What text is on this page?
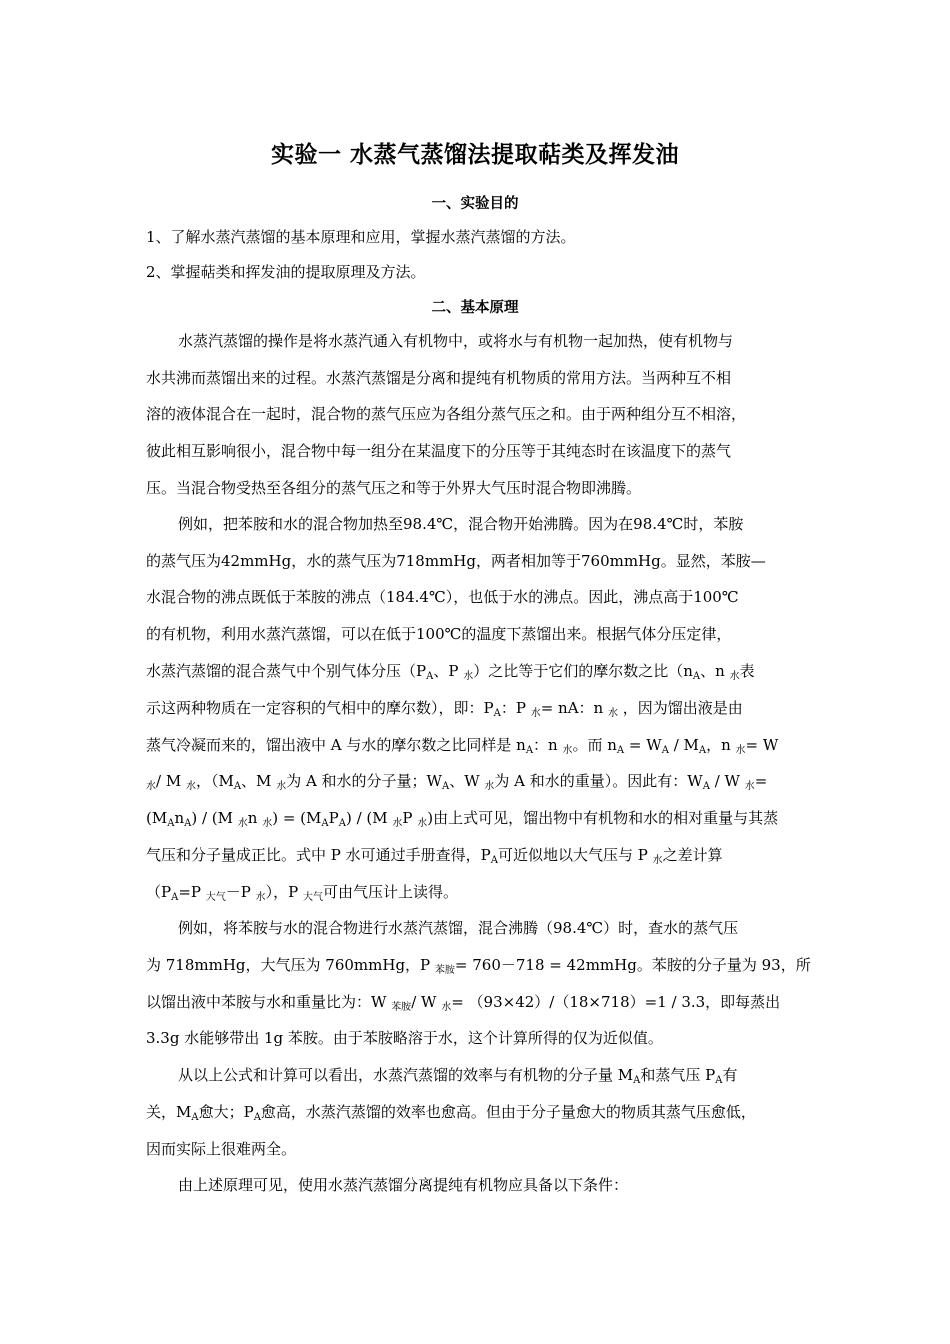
实验一 水蒸气蒸馏法提取萜类及挥发油
一、实验目的
1、了解水蒸汽蒸馏的基本原理和应用，掌握水蒸汽蒸馏的方法。
2、掌握萜类和挥发油的提取原理及方法。
二、基本原理
水蒸汽蒸馏的操作是将水蒸汽通入有机物中，或将水与有机物一起加热，使有机物与
水共沸而蒸馏出来的过程。水蒸汽蒸馏是分离和提纯有机物质的常用方法。当两种互不相
溶的液体混合在一起时，混合物的蒸气压应为各组分蒸气压之和。由于两种组分互不相溶，
彼此相互影响很小，混合物中每一组分在某温度下的分压等于其纯态时在该温度下的蒸气
压。当混合物受热至各组分的蒸气压之和等于外界大气压时混合物即沸腾。
例如，把苯胺和水的混合物加热至98.4℃，混合物开始沸腾。因为在98.4℃时，苯胺
的蒸气压为42mmHg，水的蒸气压为718mmHg，两者相加等于760mmHg。显然，苯胺—
水混合物的沸点既低于苯胺的沸点（184.4℃），也低于水的沸点。因此，沸点高于100℃
的有机物，利用水蒸汽蒸馏，可以在低于100℃的温度下蒸馏出来。根据气体分压定律，
水蒸汽蒸馏的混合蒸气中个别气体分压（$P_A$、P $_水$）之比等于它们的摩尔数之比（$n_A$、n $_水$表
示这两种物质在一定容积的气相中的摩尔数），即：$P_A$：P $_水$= nA：n $_水$ ，因为馏出液是由
蒸气冷凝而来的，馏出液中 A 与水的摩尔数之比同样是 $n_A$：n $_水$。而 $n_A = W_A / M_A$，n $_水$= W
$_水$/ M $_水$，（$M_A$、M $_水$为 A 和水的分子量；$W_A$、W $_水$为 A 和水的重量）。因此有：$W_A$ / W $_水$=
$(M_An_A) / (M$ $_水$n $_水) = (M_AP_A) / (M$ $_水$P $_水$)由上式可见，馏出物中有机物和水的相对重量与其蒸
气压和分子量成正比。式中 P 水可通过手册查得，$P_A$可近似地以大气压与 P $_水$之差计算
（$P_A=P$ $_{大气}$－P $_水$），P $_{大气}$可由气压计上读得。
例如，将苯胺与水的混合物进行水蒸汽蒸馏，混合沸腾（98.4℃）时，查水的蒸气压
为 718mmHg，大气压为 760mmHg，P $_{苯胺}$= 760－718 = 42mmHg。苯胺的分子量为 93，所
以馏出液中苯胺与水和重量比为：W $_{苯胺}$/ W $_水$= （93×42）/（18×718）=1 / 3.3，即每蒸出
3.3g 水能够带出 1g 苯胺。由于苯胺略溶于水，这个计算所得的仅为近似值。
从以上公式和计算可以看出，水蒸汽蒸馏的效率与有机物的分子量 $M_A$和蒸气压 $P_A$有
关，$M_A$愈大；$P_A$愈高，水蒸汽蒸馏的效率也愈高。但由于分子量愈大的物质其蒸气压愈低，
因而实际上很难两全。
由上述原理可见，使用水蒸汽蒸馏分离提纯有机物应具备以下条件：
